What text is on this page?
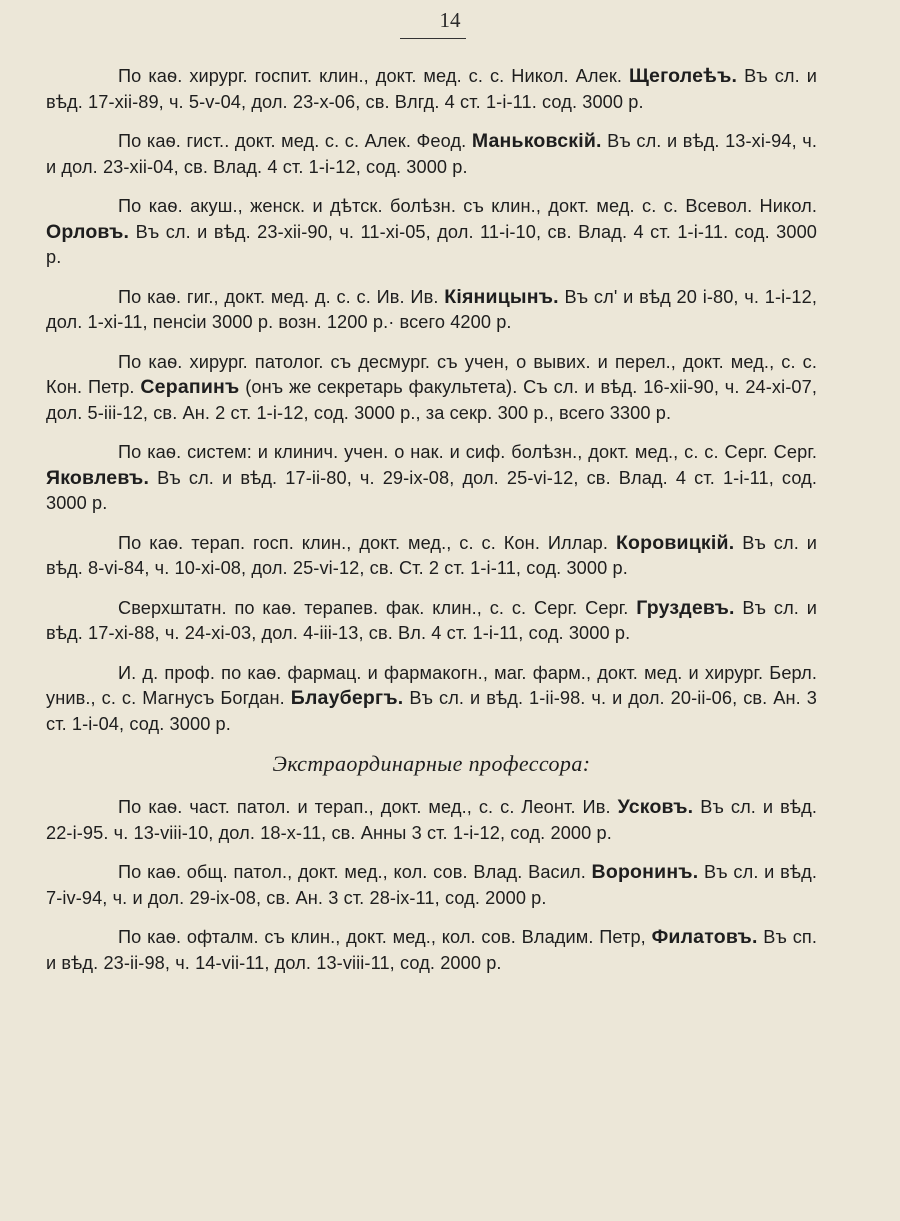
14

По каѳ. хирург. госпит. клин., докт. мед. с. с. Никол. Алек. Щеголеѣъ. Въ сл. и вѣд. 17-xii-89, ч. 5-v-04, дол. 23-x-06, св. Влгд. 4 ст. 1-i-11. сод. 3000 р.

По каѳ. гист.. докт. мед. с. с. Алек. Феод. Маньковскій. Въ сл. и вѣд. 13-xi-94, ч. и дол. 23-xii-04, св. Влад. 4 ст. 1-i-12, сод. 3000 р.

По каѳ. акуш., женск. и дѣтск. болѣзн. съ клин., докт. мед. с. с. Всевол. Никол. Орловъ. Въ сл. и вѣд. 23-xii-90, ч. 11-xi-05, дол. 11-i-10, св. Влад. 4 ст. 1-i-11. сод. 3000 р.

По каѳ. гиг., докт. мед. д. с. с. Ив. Ив. Кіяницынъ. Въ сл' и вѣд 20 i-80, ч. 1-i-12, дол. 1-xi-11, пенсіи 3000 р. возн. 1200 р.· всего 4200 р.

По каѳ. хирург. патолог. съ десмург. съ учен, о вывих. и перел., докт. мед., с. с. Кон. Петр. Серапинъ (онъ же секретарь факультета). Съ сл. и вѣд. 16-xii-90, ч. 24-xi-07, дол. 5-iii-12, св. Ан. 2 ст. 1-i-12, сод. 3000 р., за секр. 300 р., всего 3300 р.

По каѳ. систем: и клинич. учен. о нак. и сиф. болѣзн., докт. мед., с. с. Серг. Серг. Яковлевъ. Въ сл. и вѣд. 17-ii-80, ч. 29-ix-08, дол. 25-vi-12, св. Влад. 4 ст. 1-i-11, сод. 3000 р.

По каѳ. терап. госп. клин., докт. мед., с. с. Кон. Иллар. Коровицкій. Въ сл. и вѣд. 8-vi-84, ч. 10-xi-08, дол. 25-vi-12, св. Ст. 2 ст. 1-i-11, сод. 3000 р.

Сверхштатн. по каѳ. терапев. фак. клин., с. с. Серг. Серг. Груздевъ. Въ сл. и вѣд. 17-xi-88, ч. 24-xi-03, дол. 4-iii-13, св. Вл. 4 ст. 1-i-11, сод. 3000 р.

И. д. проф. по каѳ. фармац. и фармакогн., маг. фарм., докт. мед. и хирург. Берл. унив., с. с. Магнусъ Богдан. Блаубергъ. Въ сл. и вѣд. 1-ii-98. ч. и дол. 20-ii-06, св. Ан. 3 ст. 1-i-04, сод. 3000 р.

Экстраординарные профессора:

По каѳ. част. патол. и терап., докт. мед., с. с. Леонт. Ив. Усковъ. Въ сл. и вѣд. 22-i-95. ч. 13-viii-10, дол. 18-x-11, св. Анны 3 ст. 1-i-12, сод. 2000 р.

По каѳ. общ. патол., докт. мед., кол. сов. Влад. Васил. Воронинъ. Въ сл. и вѣд. 7-iv-94, ч. и дол. 29-ix-08, св. Ан. 3 ст. 28-ix-11, сод. 2000 р.

По каѳ. офталм. съ клин., докт. мед., кол. сов. Владим. Петр, Филатовъ. Въ сп. и вѣд. 23-ii-98, ч. 14-vii-11, дол. 13-viii-11, сод. 2000 р.
